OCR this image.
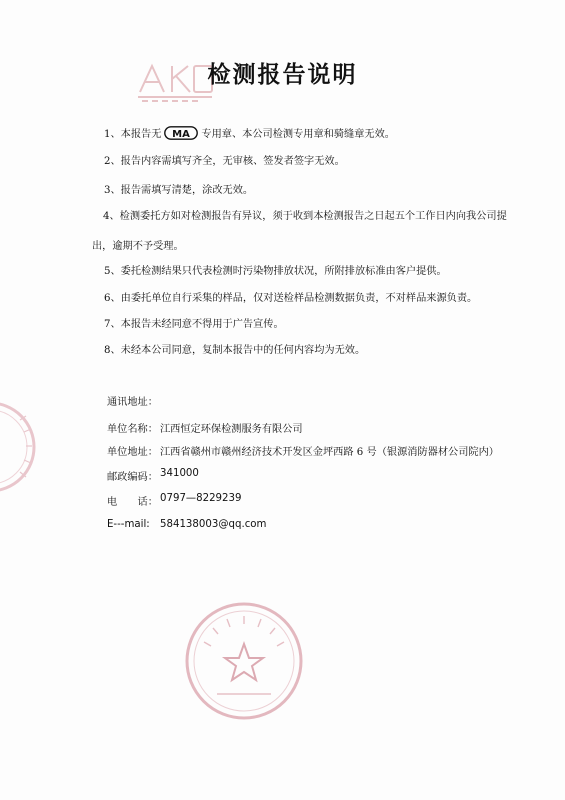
检测报告说明
1、本报告无 MA 专用章、本公司检测专用章和骑缝章无效。
2、报告内容需填写齐全，无审核、签发者签字无效。
3、报告需填写清楚，涂改无效。
4、检测委托方如对检测报告有异议，须于收到本检测报告之日起五个工作日内向我公司提出，逾期不予受理。
5、委托检测结果只代表检测时污染物排放状况，所附排放标准由客户提供。
6、由委托单位自行采集的样品，仅对送检样品检测数据负责，不对样品来源负责。
7、本报告未经同意不得用于广告宣传。
8、未经本公司同意，复制本报告中的任何内容均为无效。
通讯地址：
单位名称： 江西恒定环保检测服务有限公司
单位地址： 江西省赣州市赣州经济技术开发区金坪西路 6 号（银源消防器材公司院内）
邮政编码： 341000
电　　话： 0797—8229239
E---mail: 584138003@qq.com
